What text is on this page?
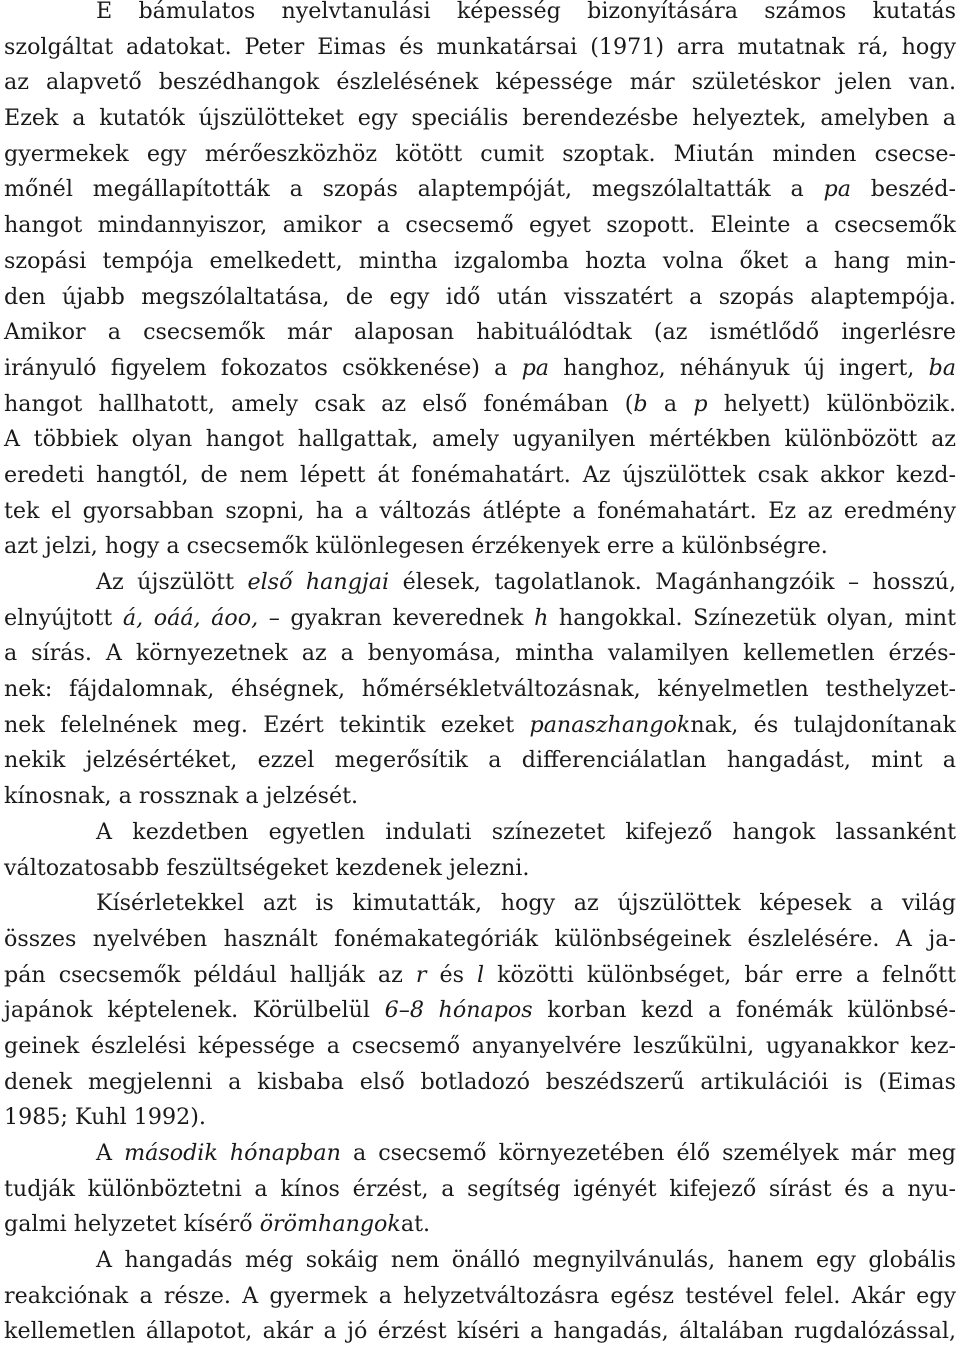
E bámulatos nyelvtanulási képesség bizonyítására számos kutatás
szolgáltat adatokat. Peter Eimas és munkatársai (1971) arra mutatnak rá, hogy
az alapvető beszédhangok észlelésének képessége már születéskor jelen van.
Ezek a kutatók újszülötteket egy speciális berendezésbe helyeztek, amelyben a
gyermekek egy mérőeszközhöz kötött cumit szoptak. Miután minden csecse-
mőnél megállapították a szopás alaptempóját, megszólaltatták a pa beszéd-
hangot mindannyiszor, amikor a csecsemő egyet szopott. Eleinte a csecsemők
szopási tempója emelkedett, mintha izgalomba hozta volna őket a hang min-
den újabb megszólaltatása, de egy idő után visszatért a szopás alaptempója.
Amikor a csecsemők már alaposan habituálódtak (az ismétlődő ingerlésre
irányuló figyelem fokozatos csökkenése) a pa hanghoz, néhányuk új ingert, ba
hangot hallhatott, amely csak az első fonémában (b a p helyett) különbözik.
A többiek olyan hangot hallgattak, amely ugyanilyen mértékben különbözött az
eredeti hangtól, de nem lépett át fonémahatárt. Az újszülöttek csak akkor kezd-
tek el gyorsabban szopni, ha a változás átlépte a fonémahatárt. Ez az eredmény
azt jelzi, hogy a csecsemők különlegesen érzékenyek erre a különbségre.
Az újszülött első hangjai élesek, tagolatlanok. Magánhangzóik – hosszú,
elnyújtott á, oáá, áoo, – gyakran keverednek h hangokkal. Színezetük olyan, mint
a sírás. A környezetnek az a benyomása, mintha valamilyen kellemetlen érzés-
nek: fájdalomnak, éhségnek, hőmérsékletváltozásnak, kényelmetlen testhelyzet-
nek felelnének meg. Ezért tekintik ezeket panaszhangoknak, és tulajdonítanak
nekik jelzésértéket, ezzel megerősítik a differenciálatlan hangadást, mint a
kínosnak, a rossznak a jelzését.
A kezdetben egyetlen indulati színezetet kifejező hangok lassanként
változatosabb feszültségeket kezdenek jelezni.
Kísérletekkel azt is kimutatták, hogy az újszülöttek képesek a világ
összes nyelvében használt fonémakategóriák különbségeinek észlelésére. A ja-
pán csecsemők például hallják az r és l közötti különbséget, bár erre a felnőtt
japánok képtelenek. Körülbelül 6–8 hónapos korban kezd a fonémák különbsé-
geinek észlelési képessége a csecsemő anyanyelvére leszűkülni, ugyanakkor kez-
denek megjelenni a kisbaba első botladozó beszédszerű artikulációi is (Eimas
1985; Kuhl 1992).
A második hónapban a csecsemő környezetében élő személyek már meg
tudják különböztetni a kínos érzést, a segítség igényét kifejező sírást és a nyu-
galmi helyzetet kísérő örömhangokat.
A hangadás még sokáig nem önálló megnyilvánulás, hanem egy globális
reakciónak a része. A gyermek a helyzetváltozásra egész testével felel. Akár egy
kellemetlen állapotot, akár a jó érzést kíséri a hangadás, általában rugdalózással,
